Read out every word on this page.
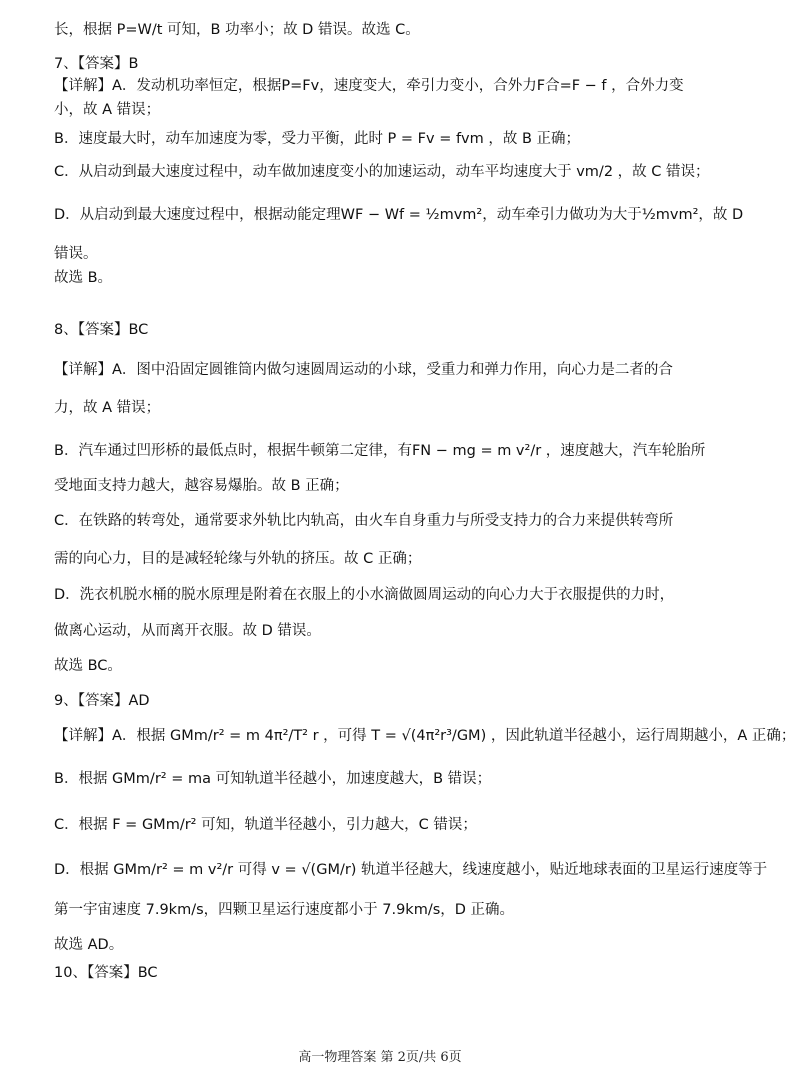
长，根据 P=W/t 可知，B 功率小；故 D 错误。故选 C。
7、【答案】B
【详解】A．发动机功率恒定，根据P=Fv，速度变大，牵引力变小，合外力F合=F − f ，合外力变
小，故 A 错误；
B．速度最大时，动车加速度为零，受力平衡，此时 P = Fv = fvm ，故 B 正确；
C．从启动到最大速度过程中，动车做加速度变小的加速运动，动车平均速度大于 vm/2 ，故 C 错误；
D．从启动到最大速度过程中，根据动能定理WF − Wf = ½mvm²，动车牵引力做功为大于½mvm²，故 D
错误。
故选 B。
8、【答案】BC
【详解】A．图中沿固定圆锥筒内做匀速圆周运动的小球，受重力和弹力作用，向心力是二者的合
力，故 A 错误；
B．汽车通过凹形桥的最低点时，根据牛顿第二定律，有FN − mg = m v²/r ，速度越大，汽车轮胎所
受地面支持力越大，越容易爆胎。故 B 正确；
C．在铁路的转弯处，通常要求外轨比内轨高，由火车自身重力与所受支持力的合力来提供转弯所
需的向心力，目的是减轻轮缘与外轨的挤压。故 C 正确；
D．洗衣机脱水桶的脱水原理是附着在衣服上的小水滴做圆周运动的向心力大于衣服提供的力时，
做离心运动，从而离开衣服。故 D 错误。
故选 BC。
9、【答案】AD
【详解】A．根据 GMm/r² = m 4π²/T² r ，可得 T = √(4π²r³/GM) ，因此轨道半径越小，运行周期越小，A 正确；
B．根据 GMm/r² = ma 可知轨道半径越小，加速度越大，B 错误；
C．根据 F = GMm/r² 可知，轨道半径越小，引力越大，C 错误；
D．根据 GMm/r² = m v²/r 可得 v = √(GM/r) 轨道半径越大，线速度越小，贴近地球表面的卫星运行速度等于
第一宇宙速度 7.9km/s，四颗卫星运行速度都小于 7.9km/s，D 正确。
故选 AD。
10、【答案】BC
高一物理答案 第 2页/共 6页
